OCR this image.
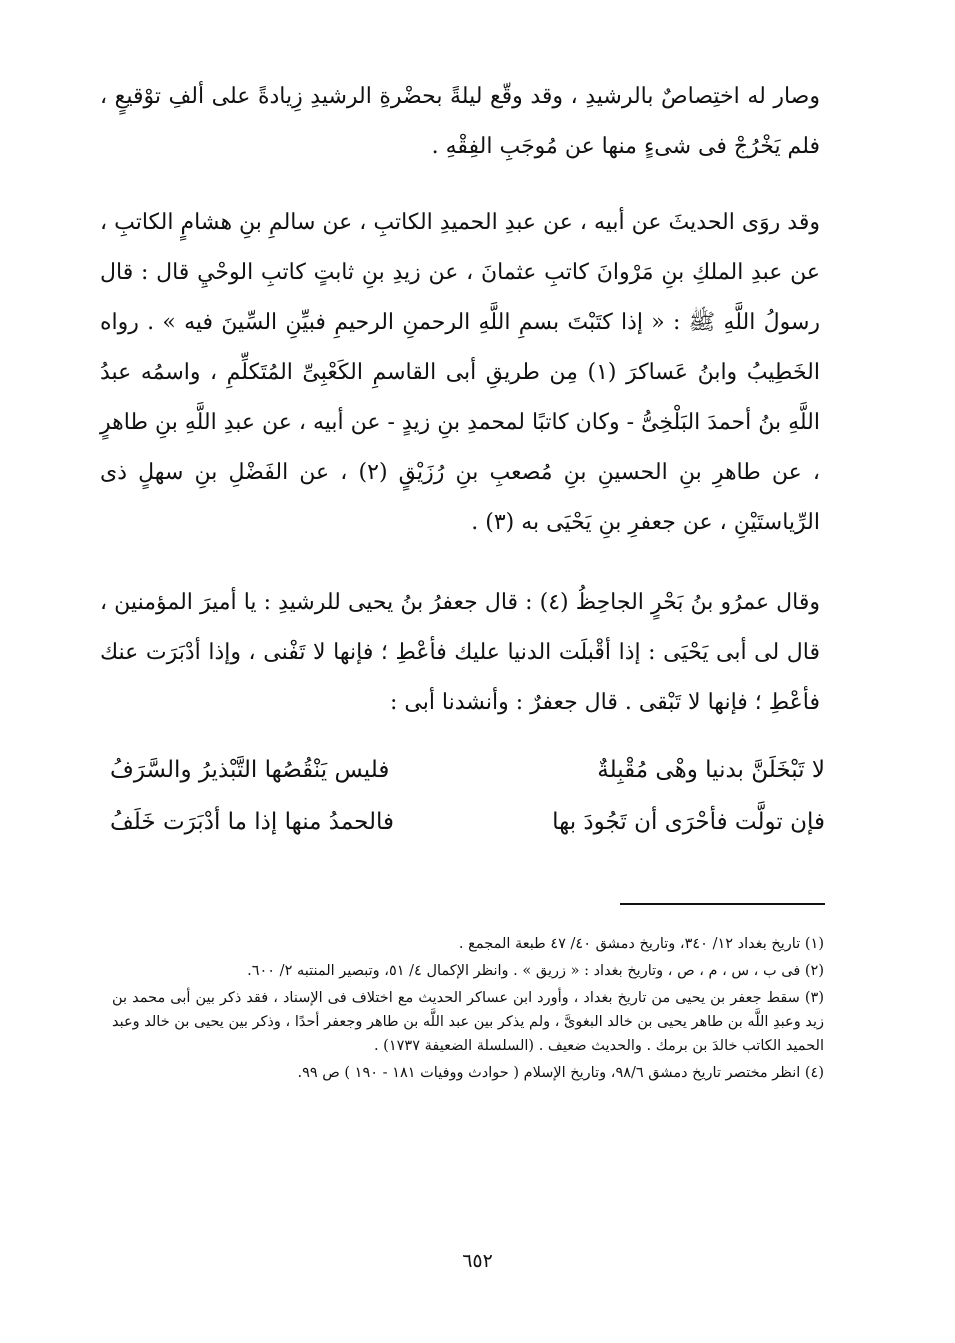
وصار له اختِصاصٌ بالرشيدِ ، وقد وقّع ليلةً بحضْرةِ الرشيدِ زِيادةً على ألفِ توْقيعٍ ، فلم يَخْرُجْ فى شىءٍ منها عن مُوجَبِ الفِقْهِ .

وقد روَى الحديثَ عن أبيه ، عن عبدِ الحميدِ الكاتبِ ، عن سالمِ بنِ هشامٍ الكاتبِ ، عن عبدِ الملكِ بنِ مَرْوانَ كاتبِ عثمانَ ، عن زيدِ بنِ ثابتٍ كاتبِ الوحْيِ قال : قال رسولُ اللَّهِ ﷺ : « إذا كتَبْتَ بسمِ اللَّهِ الرحمنِ الرحيمِ فبيِّنِ السِّينَ فيه » . رواه الخَطِيبُ وابنُ عَساكرَ (١) مِن طريقِ أبى القاسمِ الكَعْبِىِّ المُتَكلِّمِ ، واسمُه عبدُ اللَّهِ بنُ أحمدَ البَلْخِىُّ - وكان كاتبًا لمحمدِ بنِ زيدٍ - عن أبيه ، عن عبدِ اللَّهِ بنِ طاهرٍ ، عن طاهرِ بنِ الحسينِ بنِ مُصعبِ بنِ رُزَيْقٍ (٢) ، عن الفَضْلِ بنِ سهلٍ ذى الرِّياستَيْنِ ، عن جعفرِ بنِ يَحْيَى به (٣) .

وقال عمرُو بنُ بَحْرٍ الجاحِظُ (٤) : قال جعفرُ بنُ يحيى للرشيدِ : يا أميرَ المؤمنين ، قال لى أبى يَحْيَى : إذا أقْبلَت الدنيا عليك فأعْطِ ؛ فإنها لا تَفْنى ، وإذا أدْبَرَت عنك فأعْطِ ؛ فإنها لا تَبْقى . قال جعفرٌ : وأنشدنا أبى :

لا تَبْخَلَنَّ بدنيا وهْى مُقْبِلةٌ
فليس يَنْقُصُها التَّبْذيرُ والسَّرَفُ
فإن تولَّت فأحْرَى أن تَجُودَ بها
فالحمدُ منها إذا ما أدْبَرَت خَلَفُ

(١) تاريخ بغداد ١٢/ ٣٤٠، وتاريخ دمشق ٤٠/ ٤٧ طبعة المجمع .

(٢) فى ب ، س ، م ، ص ، وتاريخ بغداد : « زريق » . وانظر الإكمال ٤/ ٥١، وتبصير المنتبه ٢/ ٦٠٠.

(٣) سقط جعفر بن يحيى من تاريخ بغداد ، وأورد ابن عساكر الحديث مع اختلاف فى الإسناد ، فقد ذكر بين أبى محمد بن زيد وعبدِ اللَّه بن طاهر يحيى بن خالد البغوىَّ ، ولم يذكر بين عبد اللَّه بن طاهر وجعفر أحدًا ، وذكر بين يحيى بن خالد وعبد الحميد الكاتب خالدَ بن برمك . والحديث ضعيف . (السلسلة الضعيفة ١٧٣٧) .

(٤) انظر مختصر تاريخ دمشق ٩٨/٦، وتاريخ الإسلام ( حوادث ووفيات ١٨١ - ١٩٠ ) ص ٩٩.

٦٥٢
